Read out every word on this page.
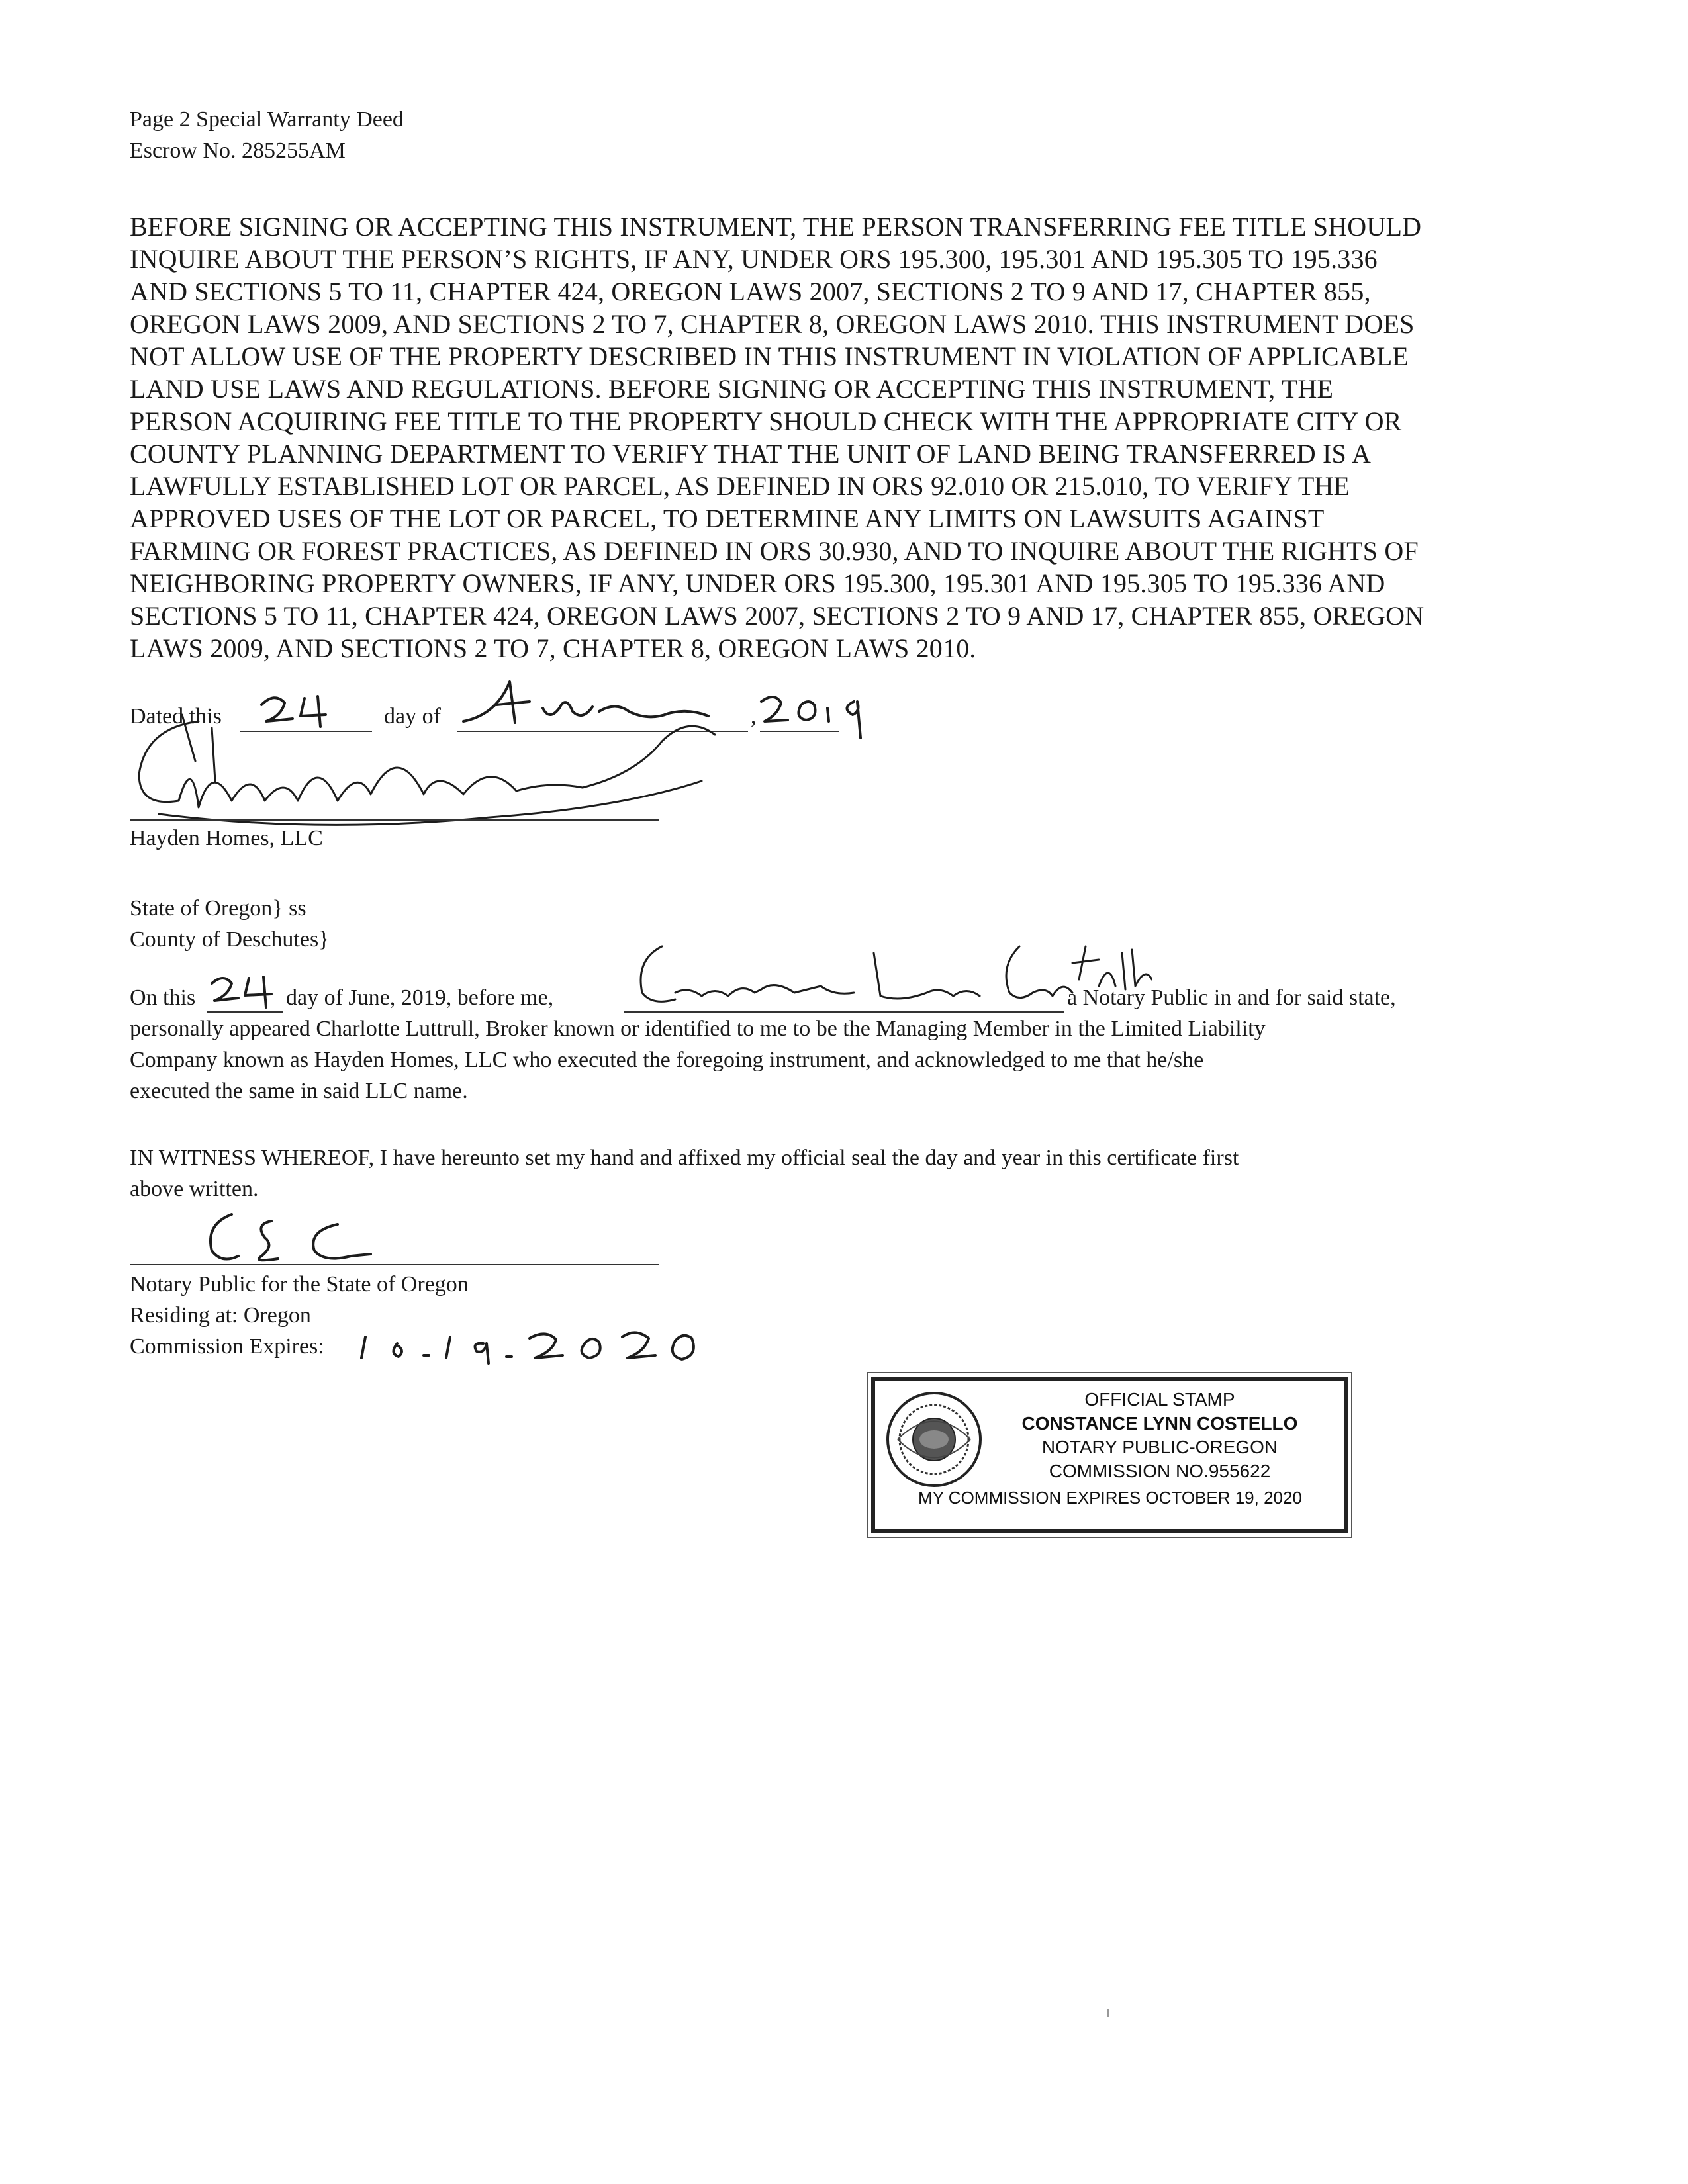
Page 2 Special Warranty Deed
Escrow No. 285255AM
BEFORE SIGNING OR ACCEPTING THIS INSTRUMENT, THE PERSON TRANSFERRING FEE TITLE SHOULD
INQUIRE ABOUT THE PERSON’S RIGHTS, IF ANY, UNDER ORS 195.300, 195.301 AND 195.305 TO 195.336
AND SECTIONS 5 TO 11, CHAPTER 424, OREGON LAWS 2007, SECTIONS 2 TO 9 AND 17, CHAPTER 855,
OREGON LAWS 2009, AND SECTIONS 2 TO 7, CHAPTER 8, OREGON LAWS 2010. THIS INSTRUMENT DOES
NOT ALLOW USE OF THE PROPERTY DESCRIBED IN THIS INSTRUMENT IN VIOLATION OF APPLICABLE
LAND USE LAWS AND REGULATIONS. BEFORE SIGNING OR ACCEPTING THIS INSTRUMENT, THE
PERSON ACQUIRING FEE TITLE TO THE PROPERTY SHOULD CHECK WITH THE APPROPRIATE CITY OR
COUNTY PLANNING DEPARTMENT TO VERIFY THAT THE UNIT OF LAND BEING TRANSFERRED IS A
LAWFULLY ESTABLISHED LOT OR PARCEL, AS DEFINED IN ORS 92.010 OR 215.010, TO VERIFY THE
APPROVED USES OF THE LOT OR PARCEL, TO DETERMINE ANY LIMITS ON LAWSUITS AGAINST
FARMING OR FOREST PRACTICES, AS DEFINED IN ORS 30.930, AND TO INQUIRE ABOUT THE RIGHTS OF
NEIGHBORING PROPERTY OWNERS, IF ANY, UNDER ORS 195.300, 195.301 AND 195.305 TO 195.336 AND
SECTIONS 5 TO 11, CHAPTER 424, OREGON LAWS 2007, SECTIONS 2 TO 9 AND 17, CHAPTER 855, OREGON
LAWS 2009, AND SECTIONS 2 TO 7, CHAPTER 8, OREGON LAWS 2010.
Dated this	day of	,
Hayden Homes, LLC
State of Oregon} ss
County of Deschutes}
On this	day of June, 2019, before me,	a Notary Public in and for said state,
personally appeared Charlotte Luttrull, Broker known or identified to me to be the Managing Member in the Limited Liability
Company known as Hayden Homes, LLC who executed the foregoing instrument, and acknowledged to me that he/she
executed the same in said LLC name.
IN WITNESS WHEREOF, I have hereunto set my hand and affixed my official seal the day and year in this certificate first
above written.
Notary Public for the State of Oregon
Residing at: Oregon
Commission Expires:
OFFICIAL STAMP
CONSTANCE LYNN COSTELLO
NOTARY PUBLIC-OREGON
COMMISSION NO.955622
MY COMMISSION EXPIRES OCTOBER 19, 2020
